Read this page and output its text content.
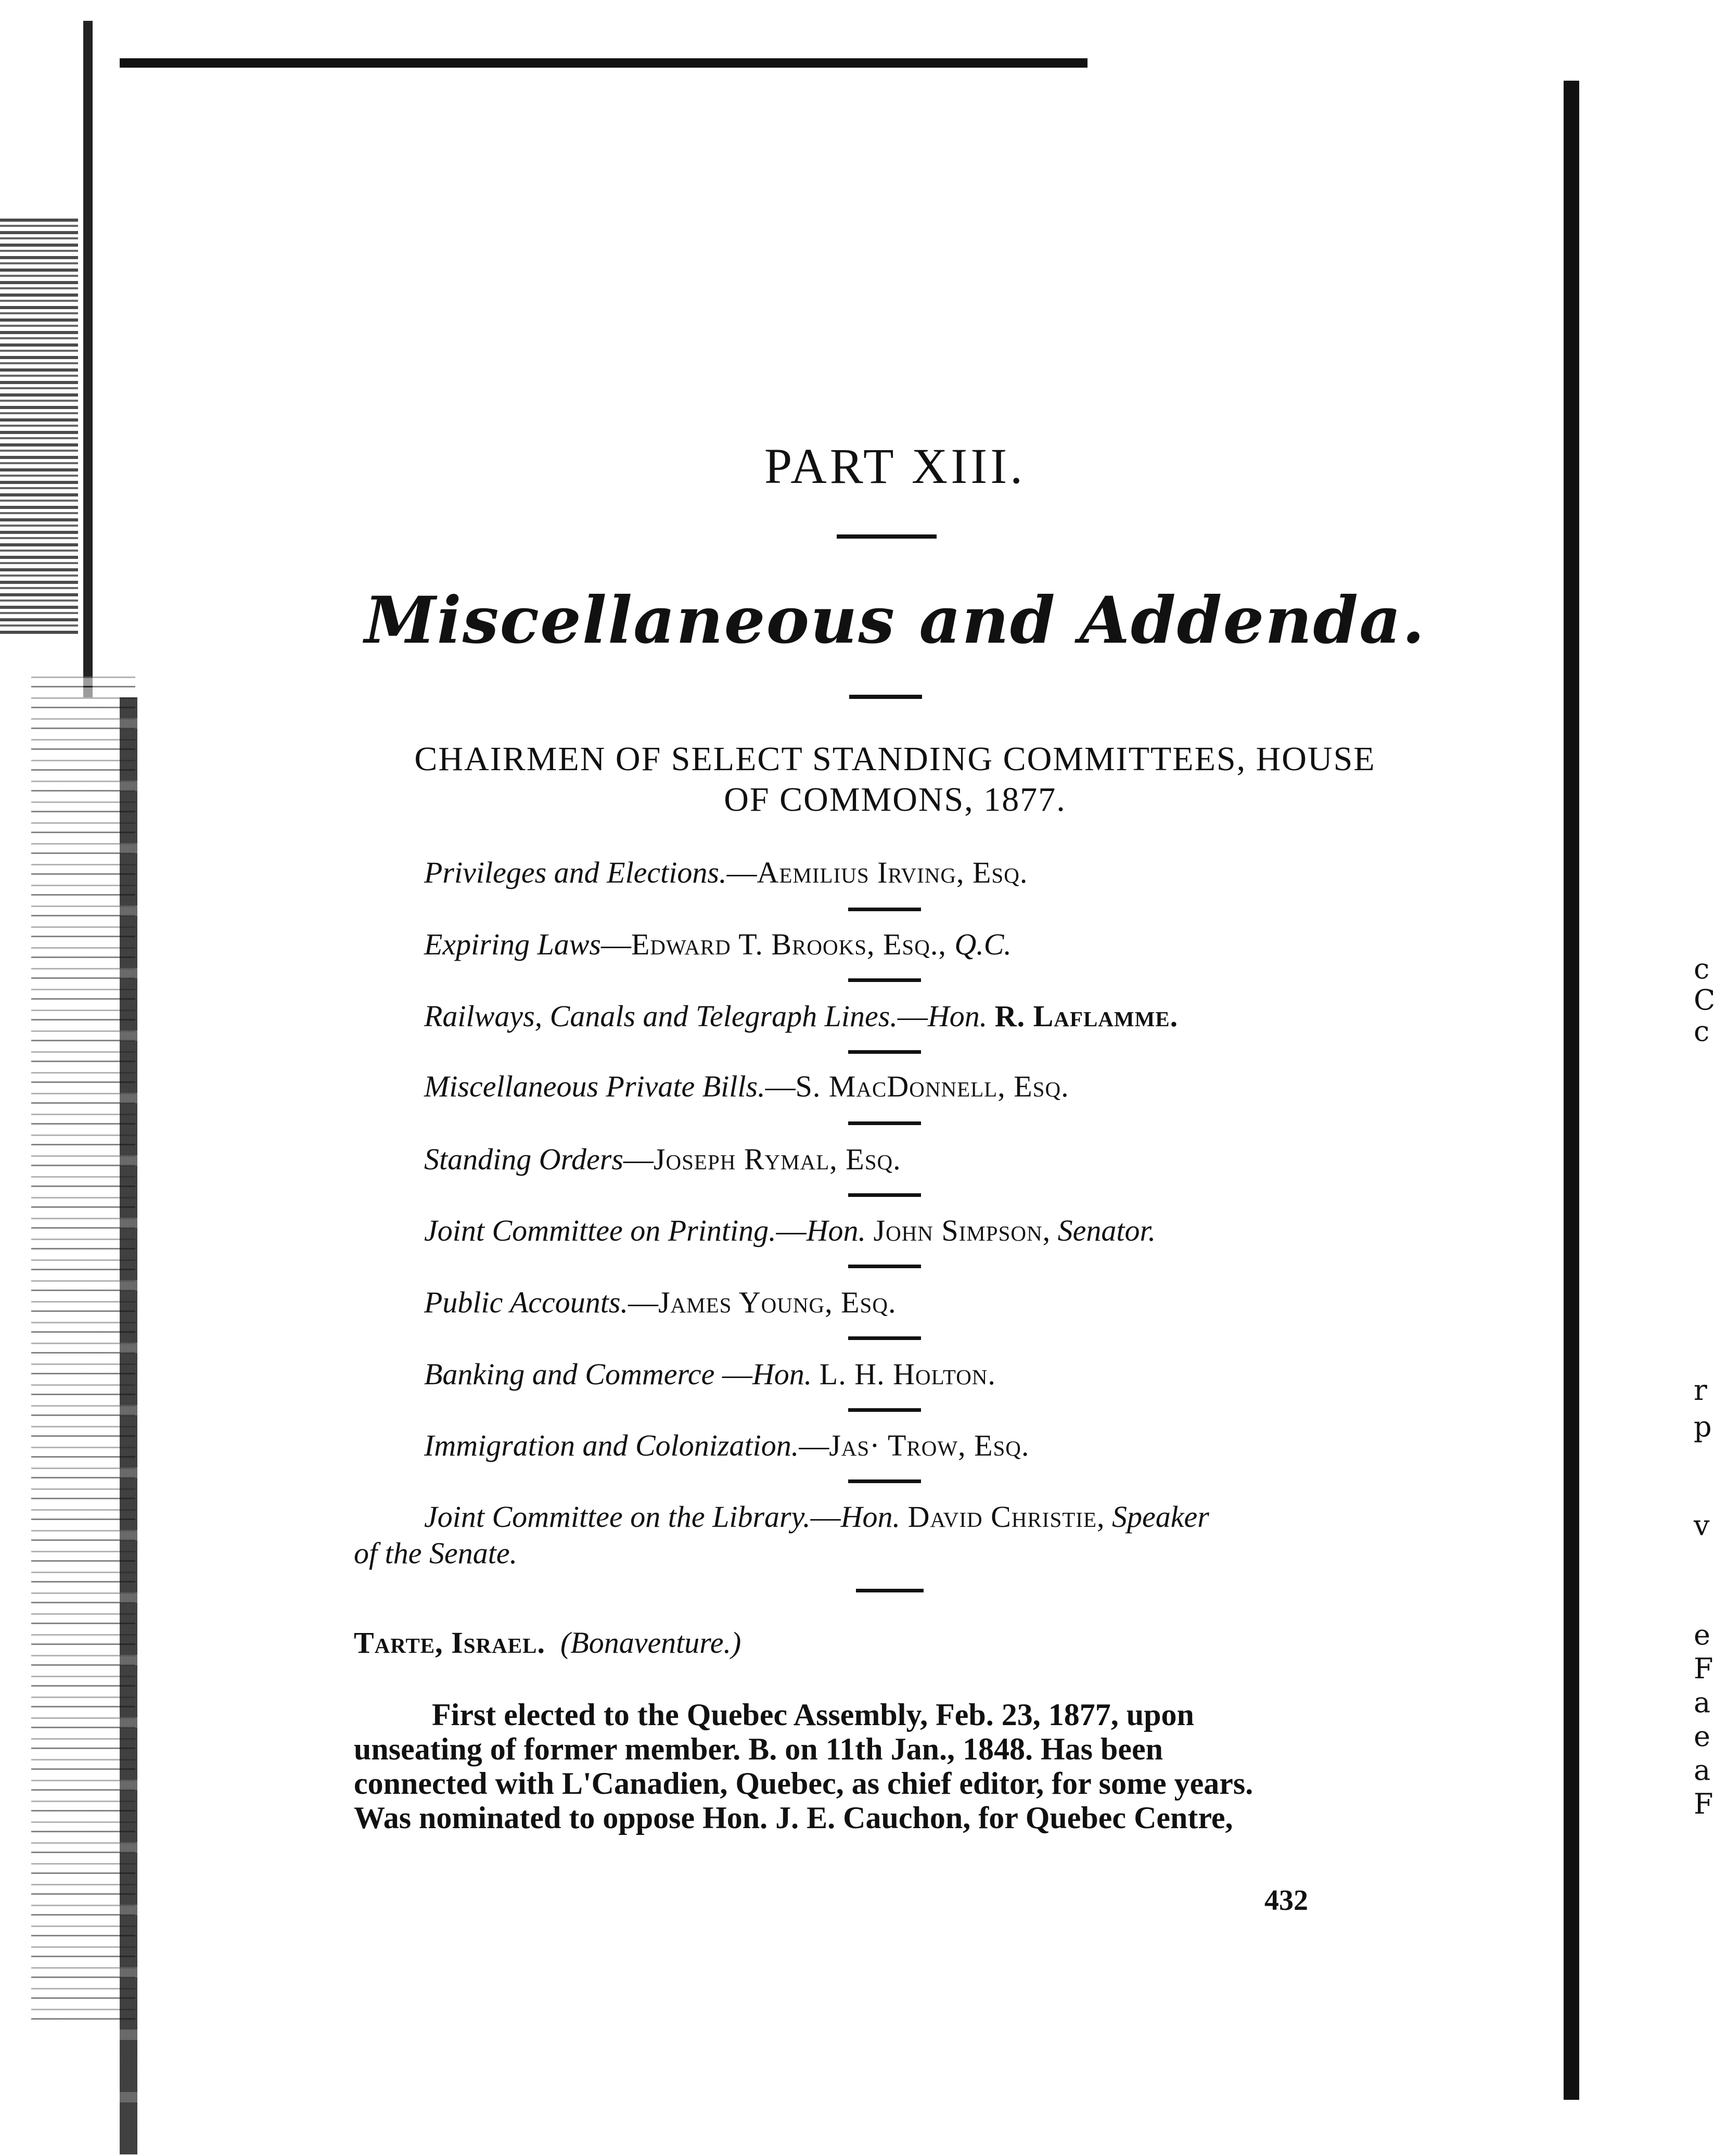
c
C
c
r
p
v
e
F
a
e
a
F
PART XIII.
Miscellaneous and Addenda.
CHAIRMEN OF SELECT STANDING COMMITTEES, HOUSE
OF COMMONS, 1877.
Privileges and Elections.—Aemilius Irving, Esq.
Expiring Laws—Edward T. Brooks, Esq., Q.C.
Railways, Canals and Telegraph Lines.—Hon. R. Laflamme.
Miscellaneous Private Bills.—S. MacDonnell, Esq.
Standing Orders—Joseph Rymal, Esq.
Joint Committee on Printing.—Hon. John Simpson, Senator.
Public Accounts.—James Young, Esq.
Banking and Commerce —Hon. L. H. Holton.
Immigration and Colonization.—Jas· Trow, Esq.
Joint Committee on the Library.—Hon. David Christie, Speaker
of the Senate.
Tarte, Israel. (Bonaventure.)
First elected to the Quebec Assembly, Feb. 23, 1877, upon
unseating of former member. B. on 11th Jan., 1848. Has been
connected with L'Canadien, Quebec, as chief editor, for some years.
Was nominated to oppose Hon. J. E. Cauchon, for Quebec Centre,
432
